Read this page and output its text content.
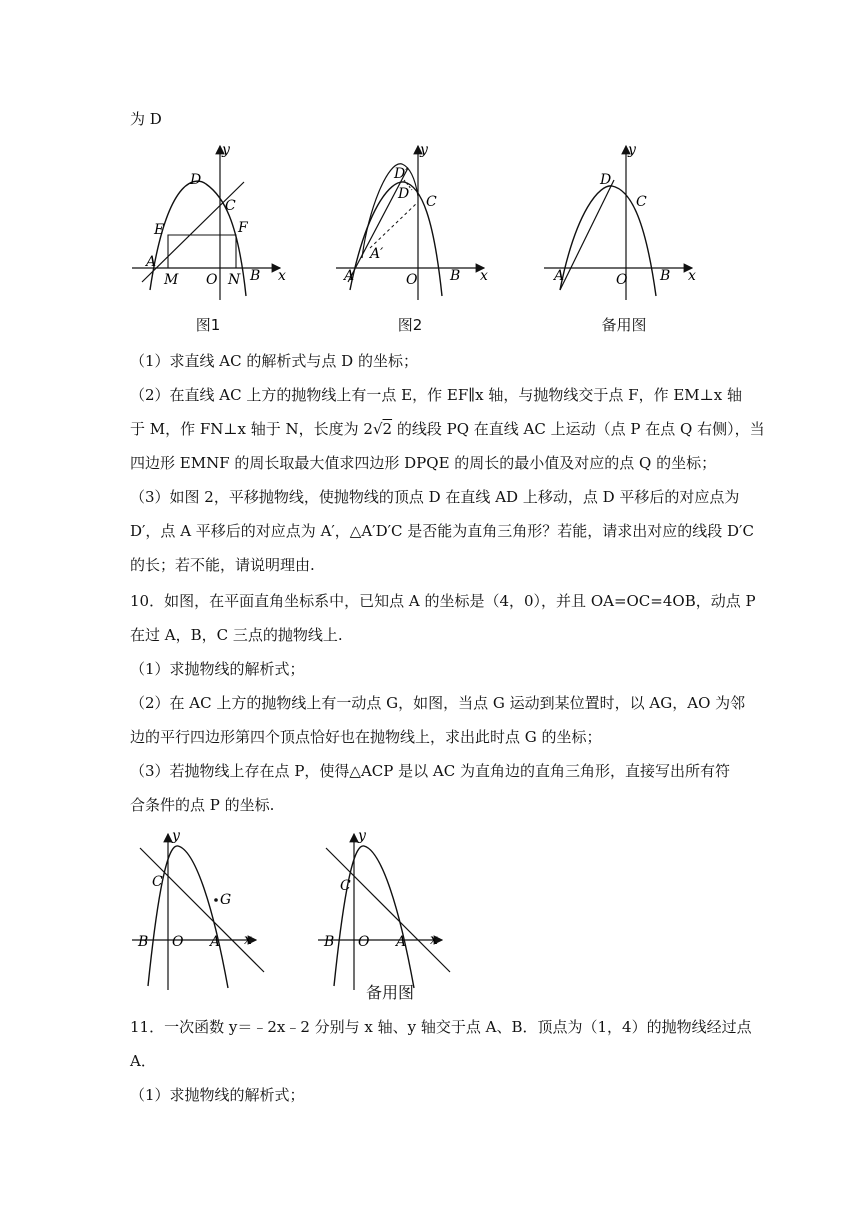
为 D
y
x
D
C
E	F
A
M O N B
图1
y
x
D′
D C
A′
A	O B
图2
y
x
D
C
A	O B
备用图
（1）求直线 AC 的解析式与点 D 的坐标；
（2）在直线 AC 上方的抛物线上有一点 E，作 EF∥x 轴，与抛物线交于点 F，作 EM⊥x 轴
于 M，作 FN⊥x 轴于 N，长度为 2√2 的线段 PQ 在直线 AC 上运动（点 P 在点 Q 右侧），当
四边形 EMNF 的周长取最大值求四边形 DPQE 的周长的最小值及对应的点 Q 的坐标；
（3）如图 2，平移抛物线，使抛物线的顶点 D 在直线 AD 上移动，点 D 平移后的对应点为
D′，点 A 平移后的对应点为 A′，△A′D′C 是否能为直角三角形？若能，请求出对应的线段 D′C
的长；若不能，请说明理由.
10．如图，在平面直角坐标系中，已知点 A 的坐标是（4，0），并且 OA=OC=4OB，动点 P
在过 A，B，C 三点的抛物线上.
（1）求抛物线的解析式；
（2）在 AC 上方的抛物线上有一动点 G，如图，当点 G 运动到某位置时，以 AG，AO 为邻
边的平行四边形第四个顶点恰好也在抛物线上，求出此时点 G 的坐标；
（3）若抛物线上存在点 P，使得△ACP 是以 AC 为直角边的直角三角形，直接写出所有符
合条件的点 P 的坐标.
y
x
C
G
B O A
y
x
C
B O A
备用图
11．一次函数 y＝﹣2x﹣2 分别与 x 轴、y 轴交于点 A、B．顶点为（1，4）的抛物线经过点
A．
（1）求抛物线的解析式；
